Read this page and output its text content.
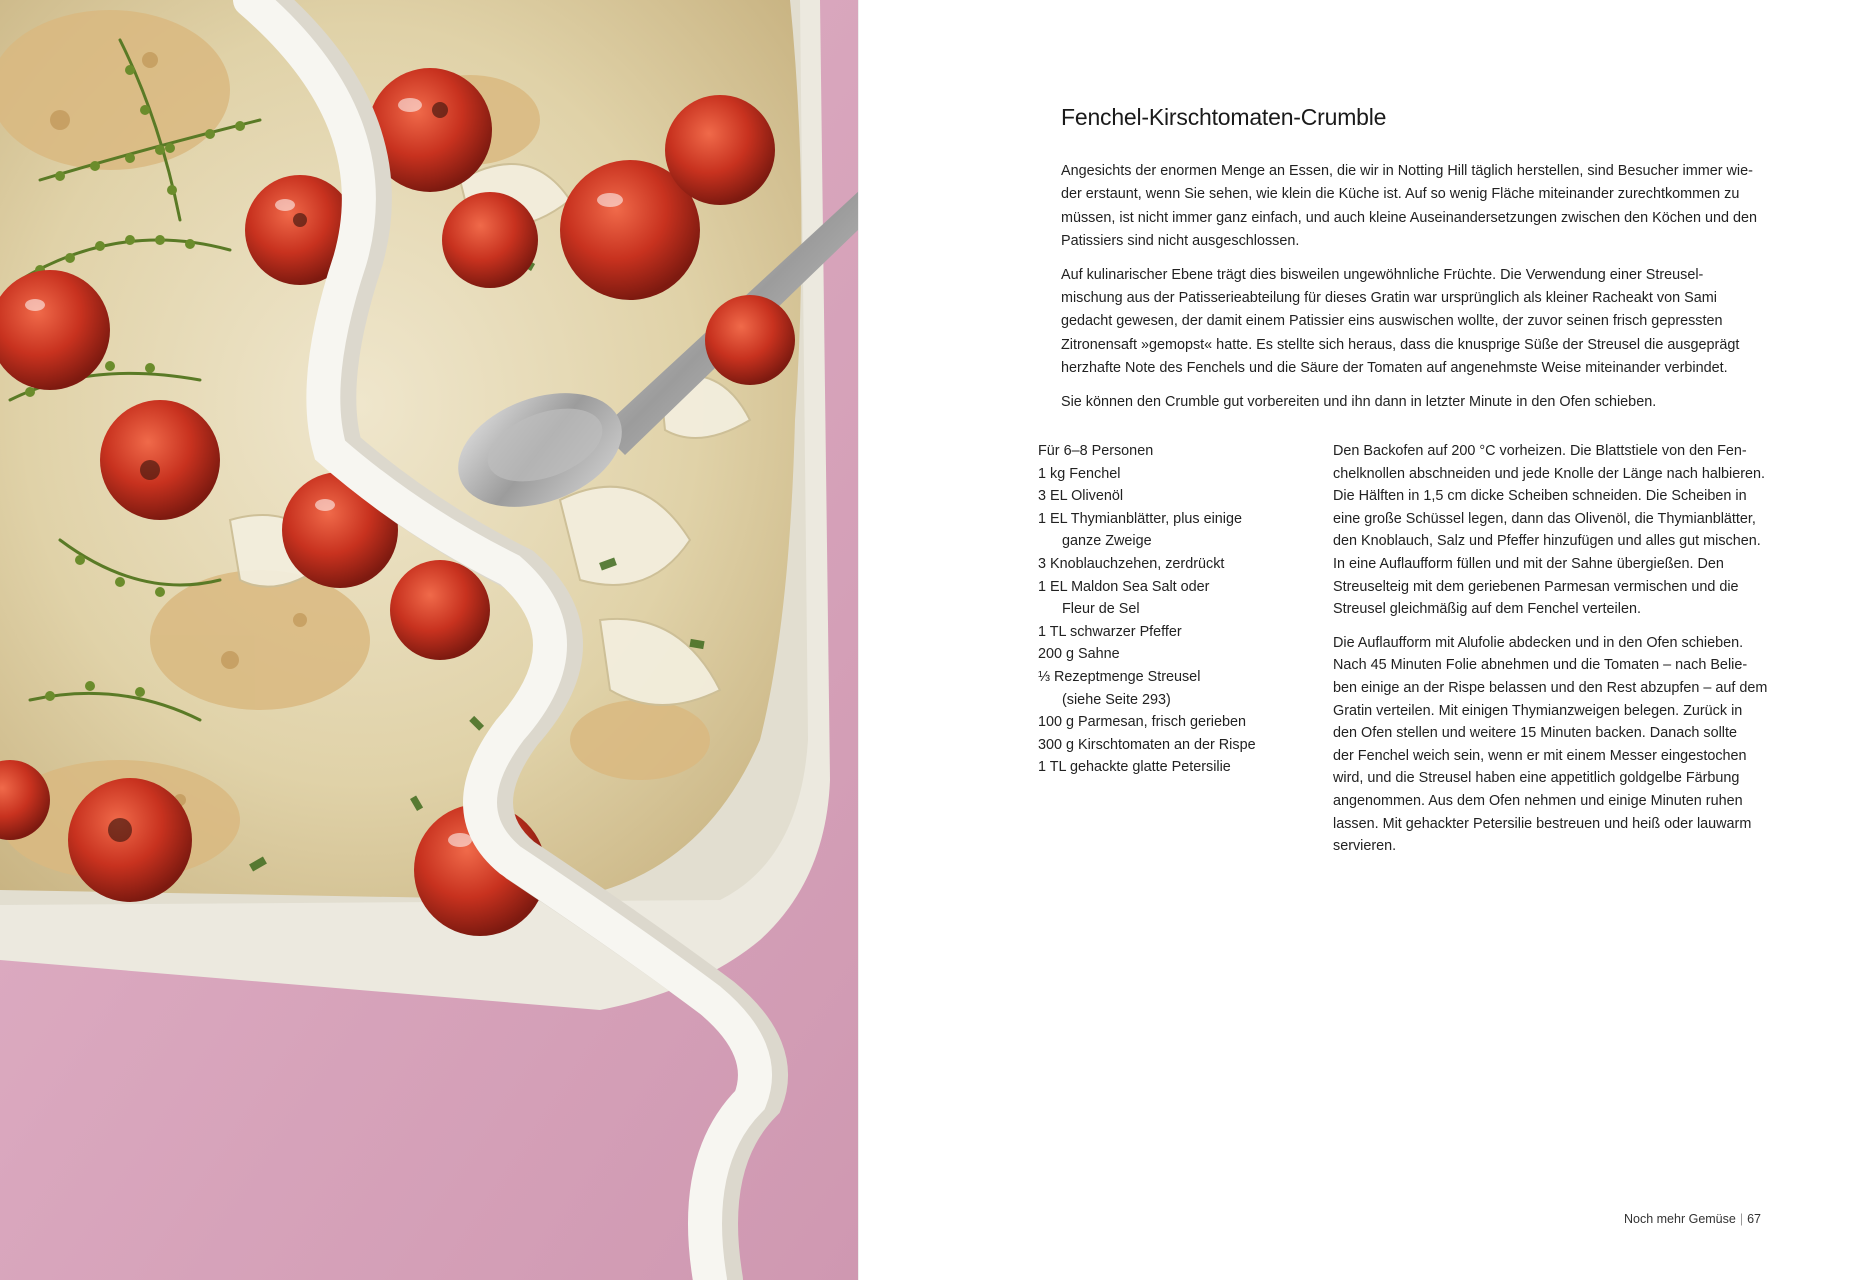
Fenchel-Kirschtomaten-Crumble

Angesichts der enormen Menge an Essen, die wir in Notting Hill täglich herstellen, sind Besucher immer wie-
der erstaunt, wenn Sie sehen, wie klein die Küche ist. Auf so wenig Fläche miteinander zurechtkommen zu
müssen, ist nicht immer ganz einfach, und auch kleine Auseinandersetzungen zwischen den Köchen und den
Patissiers sind nicht ausgeschlossen.

Auf kulinarischer Ebene trägt dies bisweilen ungewöhnliche Früchte. Die Verwendung einer Streusel-
mischung aus der Patisserieabteilung für dieses Gratin war ursprünglich als kleiner Racheakt von Sami
gedacht gewesen, der damit einem Patissier eins auswischen wollte, der zuvor seinen frisch gepressten
Zitronensaft »gemopst« hatte. Es stellte sich heraus, dass die knusprige Süße der Streusel die ausgeprägt
herzhafte Note des Fenchels und die Säure der Tomaten auf angenehmste Weise miteinander verbindet.

Sie können den Crumble gut vorbereiten und ihn dann in letzter Minute in den Ofen schieben.

Für 6–8 Personen
1 kg Fenchel
3 EL Olivenöl
1 EL Thymianblätter, plus einige
ganze Zweige
3 Knoblauchzehen, zerdrückt
1 EL Maldon Sea Salt oder
Fleur de Sel
1 TL schwarzer Pfeffer
200 g Sahne
⅓ Rezeptmenge Streusel
(siehe Seite 293)
100 g Parmesan, frisch gerieben
300 g Kirschtomaten an der Rispe
1 TL gehackte glatte Petersilie

Den Backofen auf 200 °C vorheizen. Die Blattstiele von den Fen-
chelknollen abschneiden und jede Knolle der Länge nach halbieren.
Die Hälften in 1,5 cm dicke Scheiben schneiden. Die Scheiben in
eine große Schüssel legen, dann das Olivenöl, die Thymianblätter,
den Knoblauch, Salz und Pfeffer hinzufügen und alles gut mischen.
In eine Auflaufform füllen und mit der Sahne übergießen. Den
Streuselteig mit dem geriebenen Parmesan vermischen und die
Streusel gleichmäßig auf dem Fenchel verteilen.

Die Auflaufform mit Alufolie abdecken und in den Ofen schieben.
Nach 45 Minuten Folie abnehmen und die Tomaten – nach Belie-
ben einige an der Rispe belassen und den Rest abzupfen – auf dem
Gratin verteilen. Mit einigen Thymianzweigen belegen. Zurück in
den Ofen stellen und weitere 15 Minuten backen. Danach sollte
der Fenchel weich sein, wenn er mit einem Messer eingestochen
wird, und die Streusel haben eine appetitlich goldgelbe Färbung
angenommen. Aus dem Ofen nehmen und einige Minuten ruhen
lassen. Mit gehackter Petersilie bestreuen und heiß oder lauwarm
servieren.

Noch mehr Gemüse | 67
